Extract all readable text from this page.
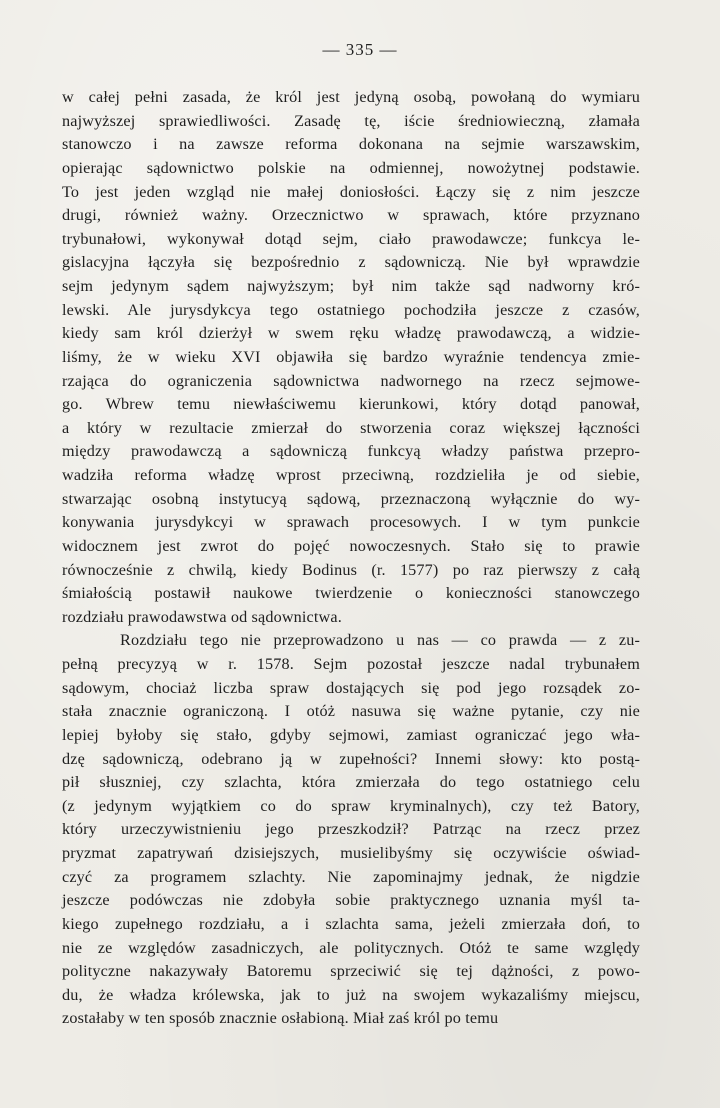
— 335 —
w całej pełni zasada, że król jest jedyną osobą, powołaną do wymiaru
najwyższej sprawiedliwości. Zasadę tę, iście średniowieczną, złamała
stanowczo i na zawsze reforma dokonana na sejmie warszawskim,
opierając sądownictwo polskie na odmiennej, nowożytnej podstawie.
To jest jeden wzgląd nie małej doniosłości. Łączy się z nim jeszcze
drugi, również ważny. Orzecznictwo w sprawach, które przyznano
trybunałowi, wykonywał dotąd sejm, ciało prawodawcze; funkcya le-
gislacyjna łączyła się bezpośrednio z sądowniczą. Nie był wprawdzie
sejm jedynym sądem najwyższym; był nim także sąd nadworny kró-
lewski. Ale jurysdykcya tego ostatniego pochodziła jeszcze z czasów,
kiedy sam król dzierżył w swem ręku władzę prawodawczą, a widzie-
liśmy, że w wieku XVI objawiła się bardzo wyraźnie tendencya zmie-
rzająca do ograniczenia sądownictwa nadwornego na rzecz sejmowe-
go. Wbrew temu niewłaściwemu kierunkowi, który dotąd panował,
a który w rezultacie zmierzał do stworzenia coraz większej łączności
między prawodawczą a sądowniczą funkcyą władzy państwa przepro-
wadziła reforma władzę wprost przeciwną, rozdzieliła je od siebie,
stwarzając osobną instytucyą sądową, przeznaczoną wyłącznie do wy-
konywania jurysdykcyi w sprawach procesowych. I w tym punkcie
widocznem jest zwrot do pojęć nowoczesnych. Stało się to prawie
równocześnie z chwilą, kiedy Bodinus (r. 1577) po raz pierwszy z całą
śmiałością postawił naukowe twierdzenie o konieczności stanowczego
rozdziału prawodawstwa od sądownictwa.
Rozdziału tego nie przeprowadzono u nas — co prawda — z zu-
pełną precyzyą w r. 1578. Sejm pozostał jeszcze nadal trybunałem
sądowym, chociaż liczba spraw dostających się pod jego rozsądek zo-
stała znacznie ograniczoną. I otóż nasuwa się ważne pytanie, czy nie
lepiej byłoby się stało, gdyby sejmowi, zamiast ograniczać jego wła-
dzę sądowniczą, odebrano ją w zupełności? Innemi słowy: kto postą-
pił słuszniej, czy szlachta, która zmierzała do tego ostatniego celu
(z jedynym wyjątkiem co do spraw kryminalnych), czy też Batory,
który urzeczywistnieniu jego przeszkodził? Patrząc na rzecz przez
pryzmat zapatrywań dzisiejszych, musielibyśmy się oczywiście oświad-
czyć za programem szlachty. Nie zapominajmy jednak, że nigdzie
jeszcze podówczas nie zdobyła sobie praktycznego uznania myśl ta-
kiego zupełnego rozdziału, a i szlachta sama, jeżeli zmierzała doń, to
nie ze względów zasadniczych, ale politycznych. Otóż te same względy
polityczne nakazywały Batoremu sprzeciwić się tej dążności, z powo-
du, że władza królewska, jak to już na swojem wykazaliśmy miejscu,
zostałaby w ten sposób znacznie osłabioną. Miał zaś król po temu
